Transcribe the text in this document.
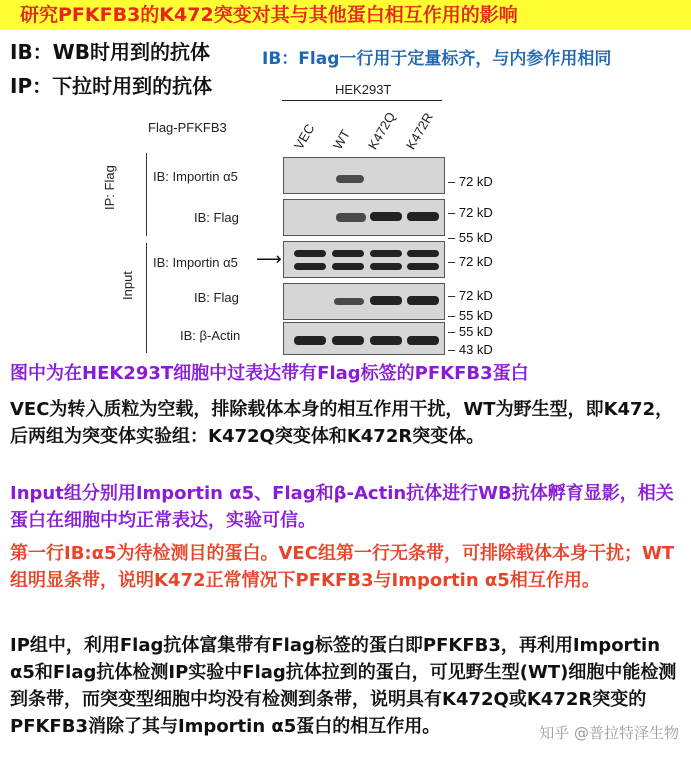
研究PFKFB3的K472突变对其与其他蛋白相互作用的影响
IB：WB时用到的抗体
IP：下拉时用到的抗体
IB：Flag一行用于定量标齐，与内参作用相同
HEK293T
Flag-PFKFB3	VEC WT K472Q K472R
IP: Flag
Input
IB: Importin α5
IB: Flag
IB: Importin α5 ⟶
IB: Flag
IB: β-Actin
– 72 kD
– 72 kD
– 55 kD
– 72 kD
– 72 kD
– 55 kD
– 55 kD
– 43 kD
图中为在HEK293T细胞中过表达带有Flag标签的PFKFB3蛋白
VEC为转入质粒为空载，排除载体本身的相互作用干扰，WT为野生型，即K472，后两组为突变体实验组：K472Q突变体和K472R突变体。
Input组分别用Importin α5、Flag和β-Actin抗体进行WB抗体孵育显影，相关蛋白在细胞中均正常表达，实验可信。
第一行IB:α5为待检测目的蛋白。VEC组第一行无条带，可排除载体本身干扰；WT组明显条带，说明K472正常情况下PFKFB3与Importin α5相互作用。
IP组中，利用Flag抗体富集带有Flag标签的蛋白即PFKFB3，再利用Importin α5和Flag抗体检测IP实验中Flag抗体拉到的蛋白，可见野生型(WT)细胞中能检测到条带，而突变型细胞中均没有检测到条带，说明具有K472Q或K472R突变的PFKFB3消除了其与Importin α5蛋白的相互作用。	知乎 @普拉特泽生物
